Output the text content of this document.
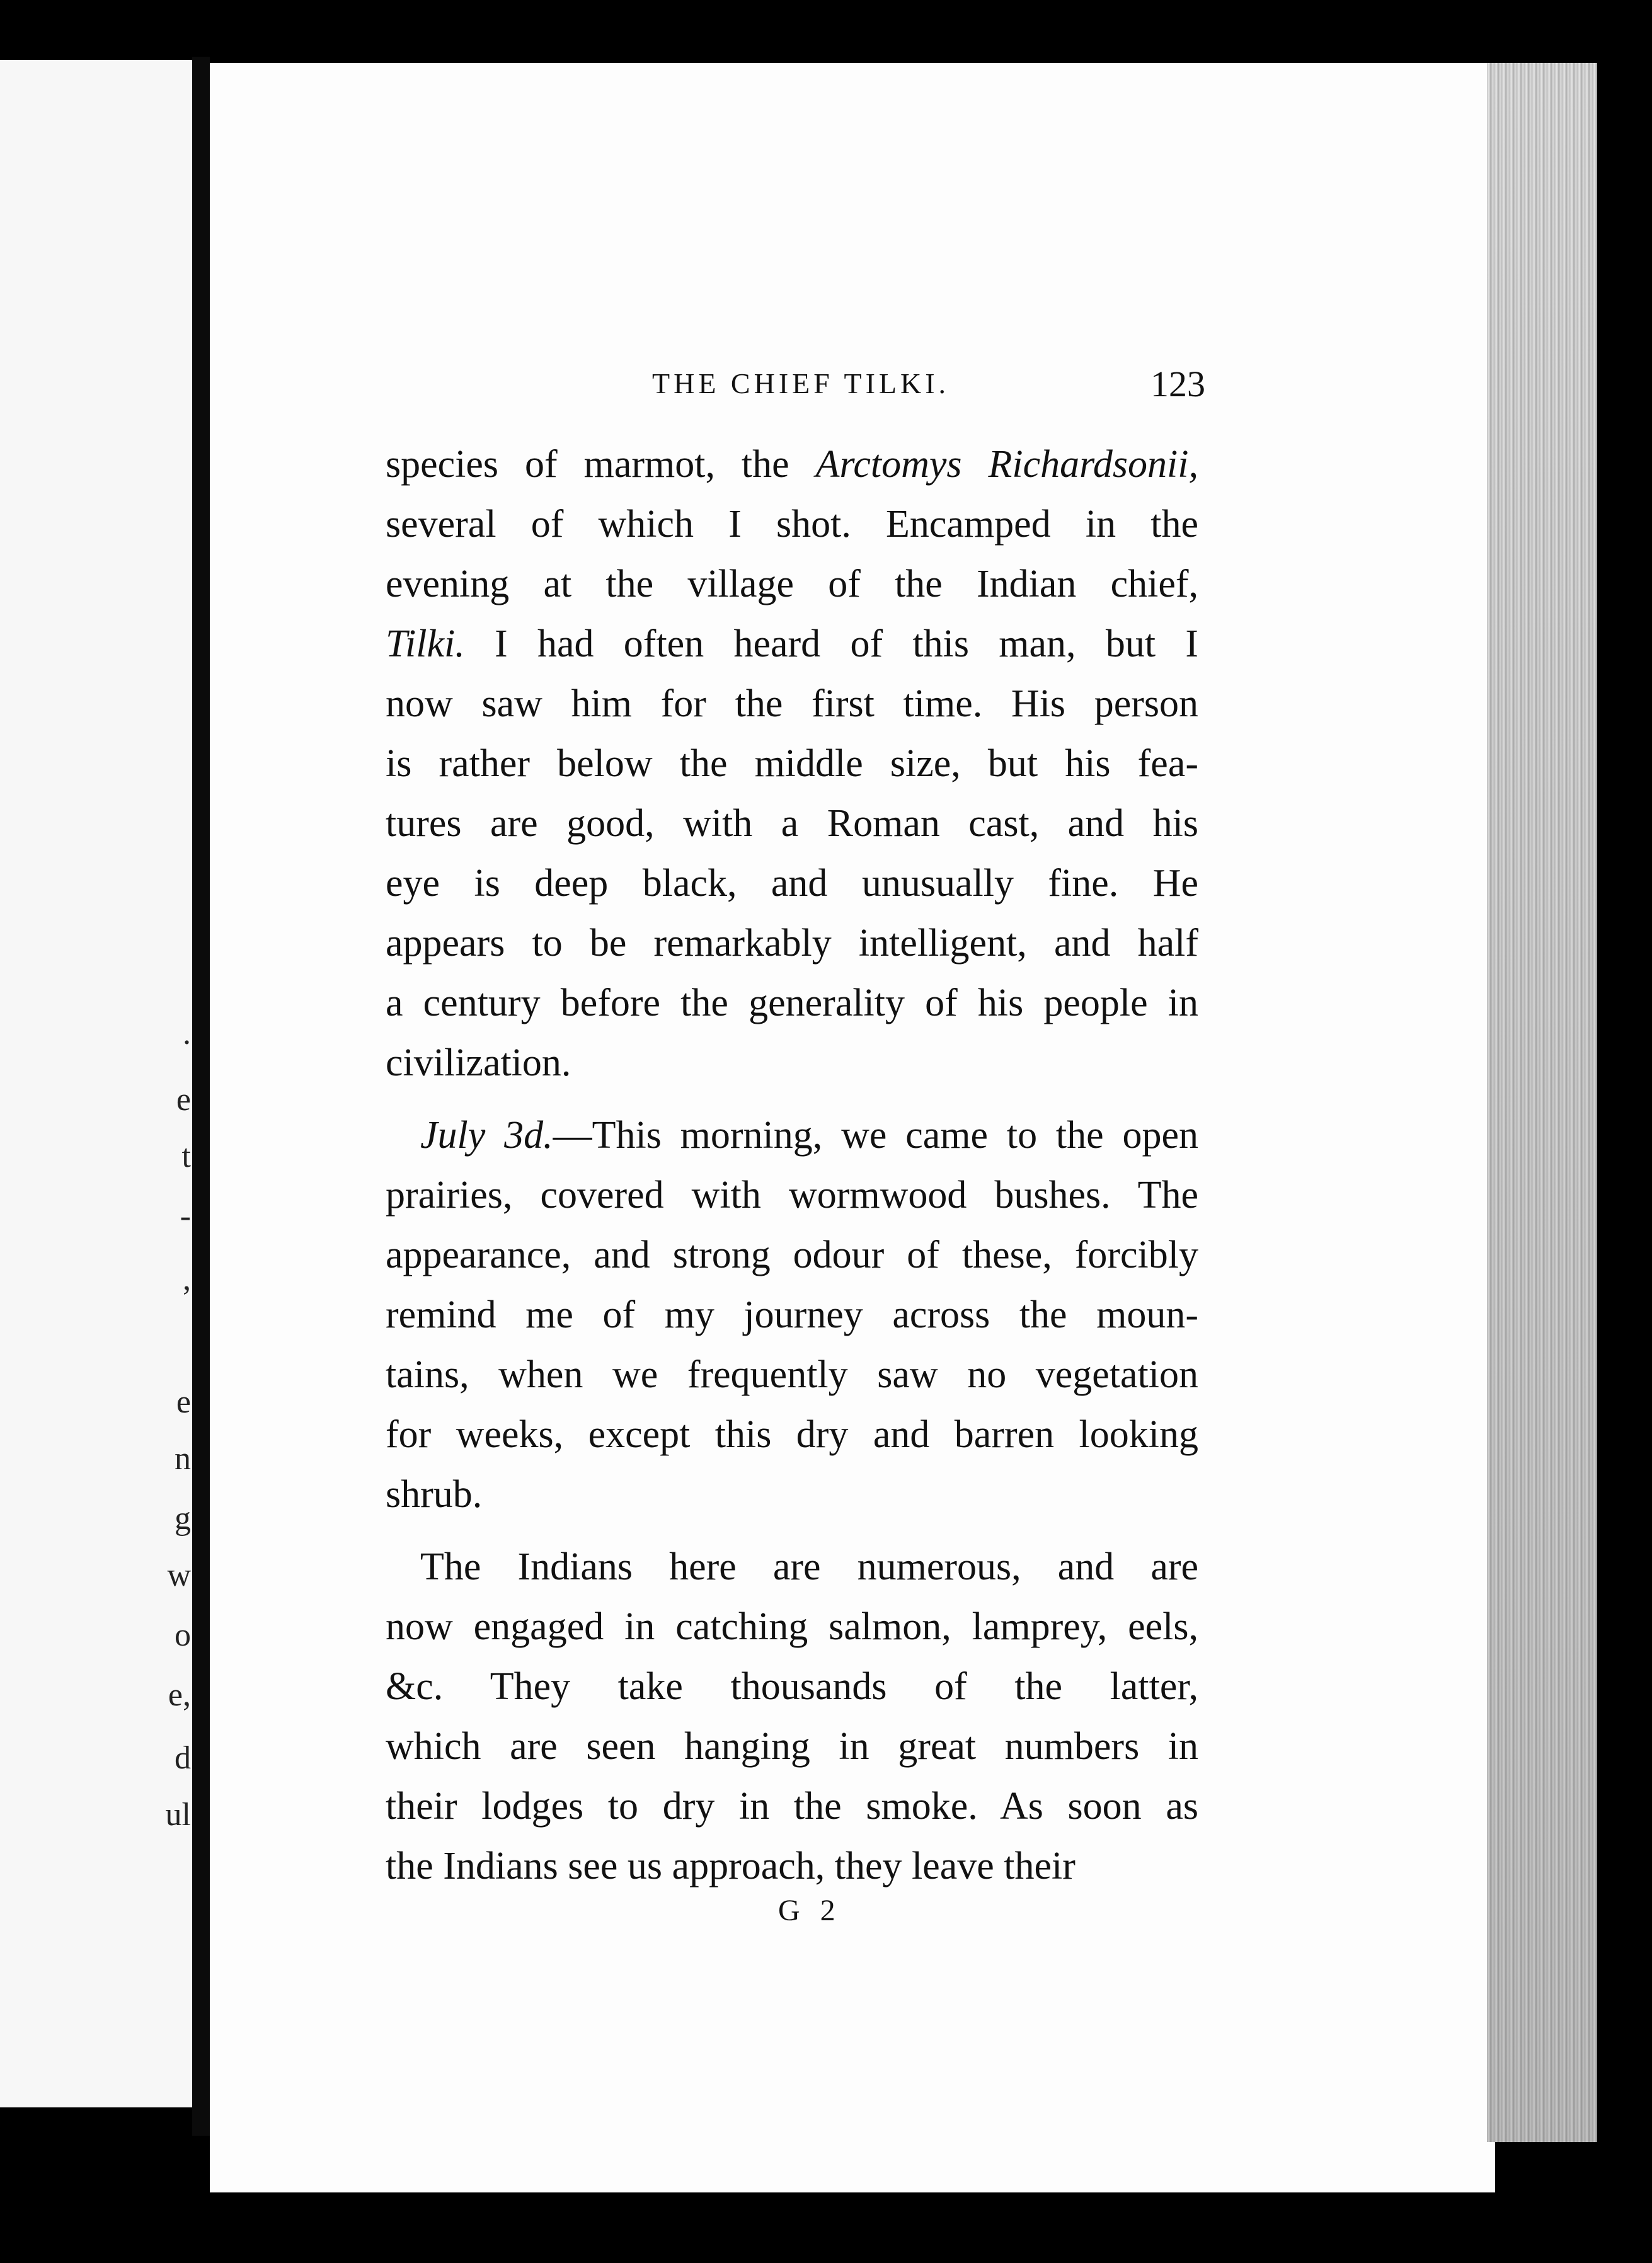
.
e
t
-
,
e
n
g
w
o
e,
d
ul
THE CHIEF TILKI.	123

species of marmot, the Arctomys Richardsonii,
several of which I shot. Encamped in the
evening at the village of the Indian chief,
Tilki. I had often heard of this man, but I
now saw him for the first time. His person
is rather below the middle size, but his fea-
tures are good, with a Roman cast, and his
eye is deep black, and unusually fine. He
appears to be remarkably intelligent, and half
a century before the generality of his people in
civilization.

July 3d.—This morning, we came to the open
prairies, covered with wormwood bushes. The
appearance, and strong odour of these, forcibly
remind me of my journey across the moun-
tains, when we frequently saw no vegetation
for weeks, except this dry and barren looking
shrub.

The Indians here are numerous, and are
now engaged in catching salmon, lamprey, eels,
&c. They take thousands of the latter,
which are seen hanging in great numbers in
their lodges to dry in the smoke. As soon as
the Indians see us approach, they leave their

G 2
